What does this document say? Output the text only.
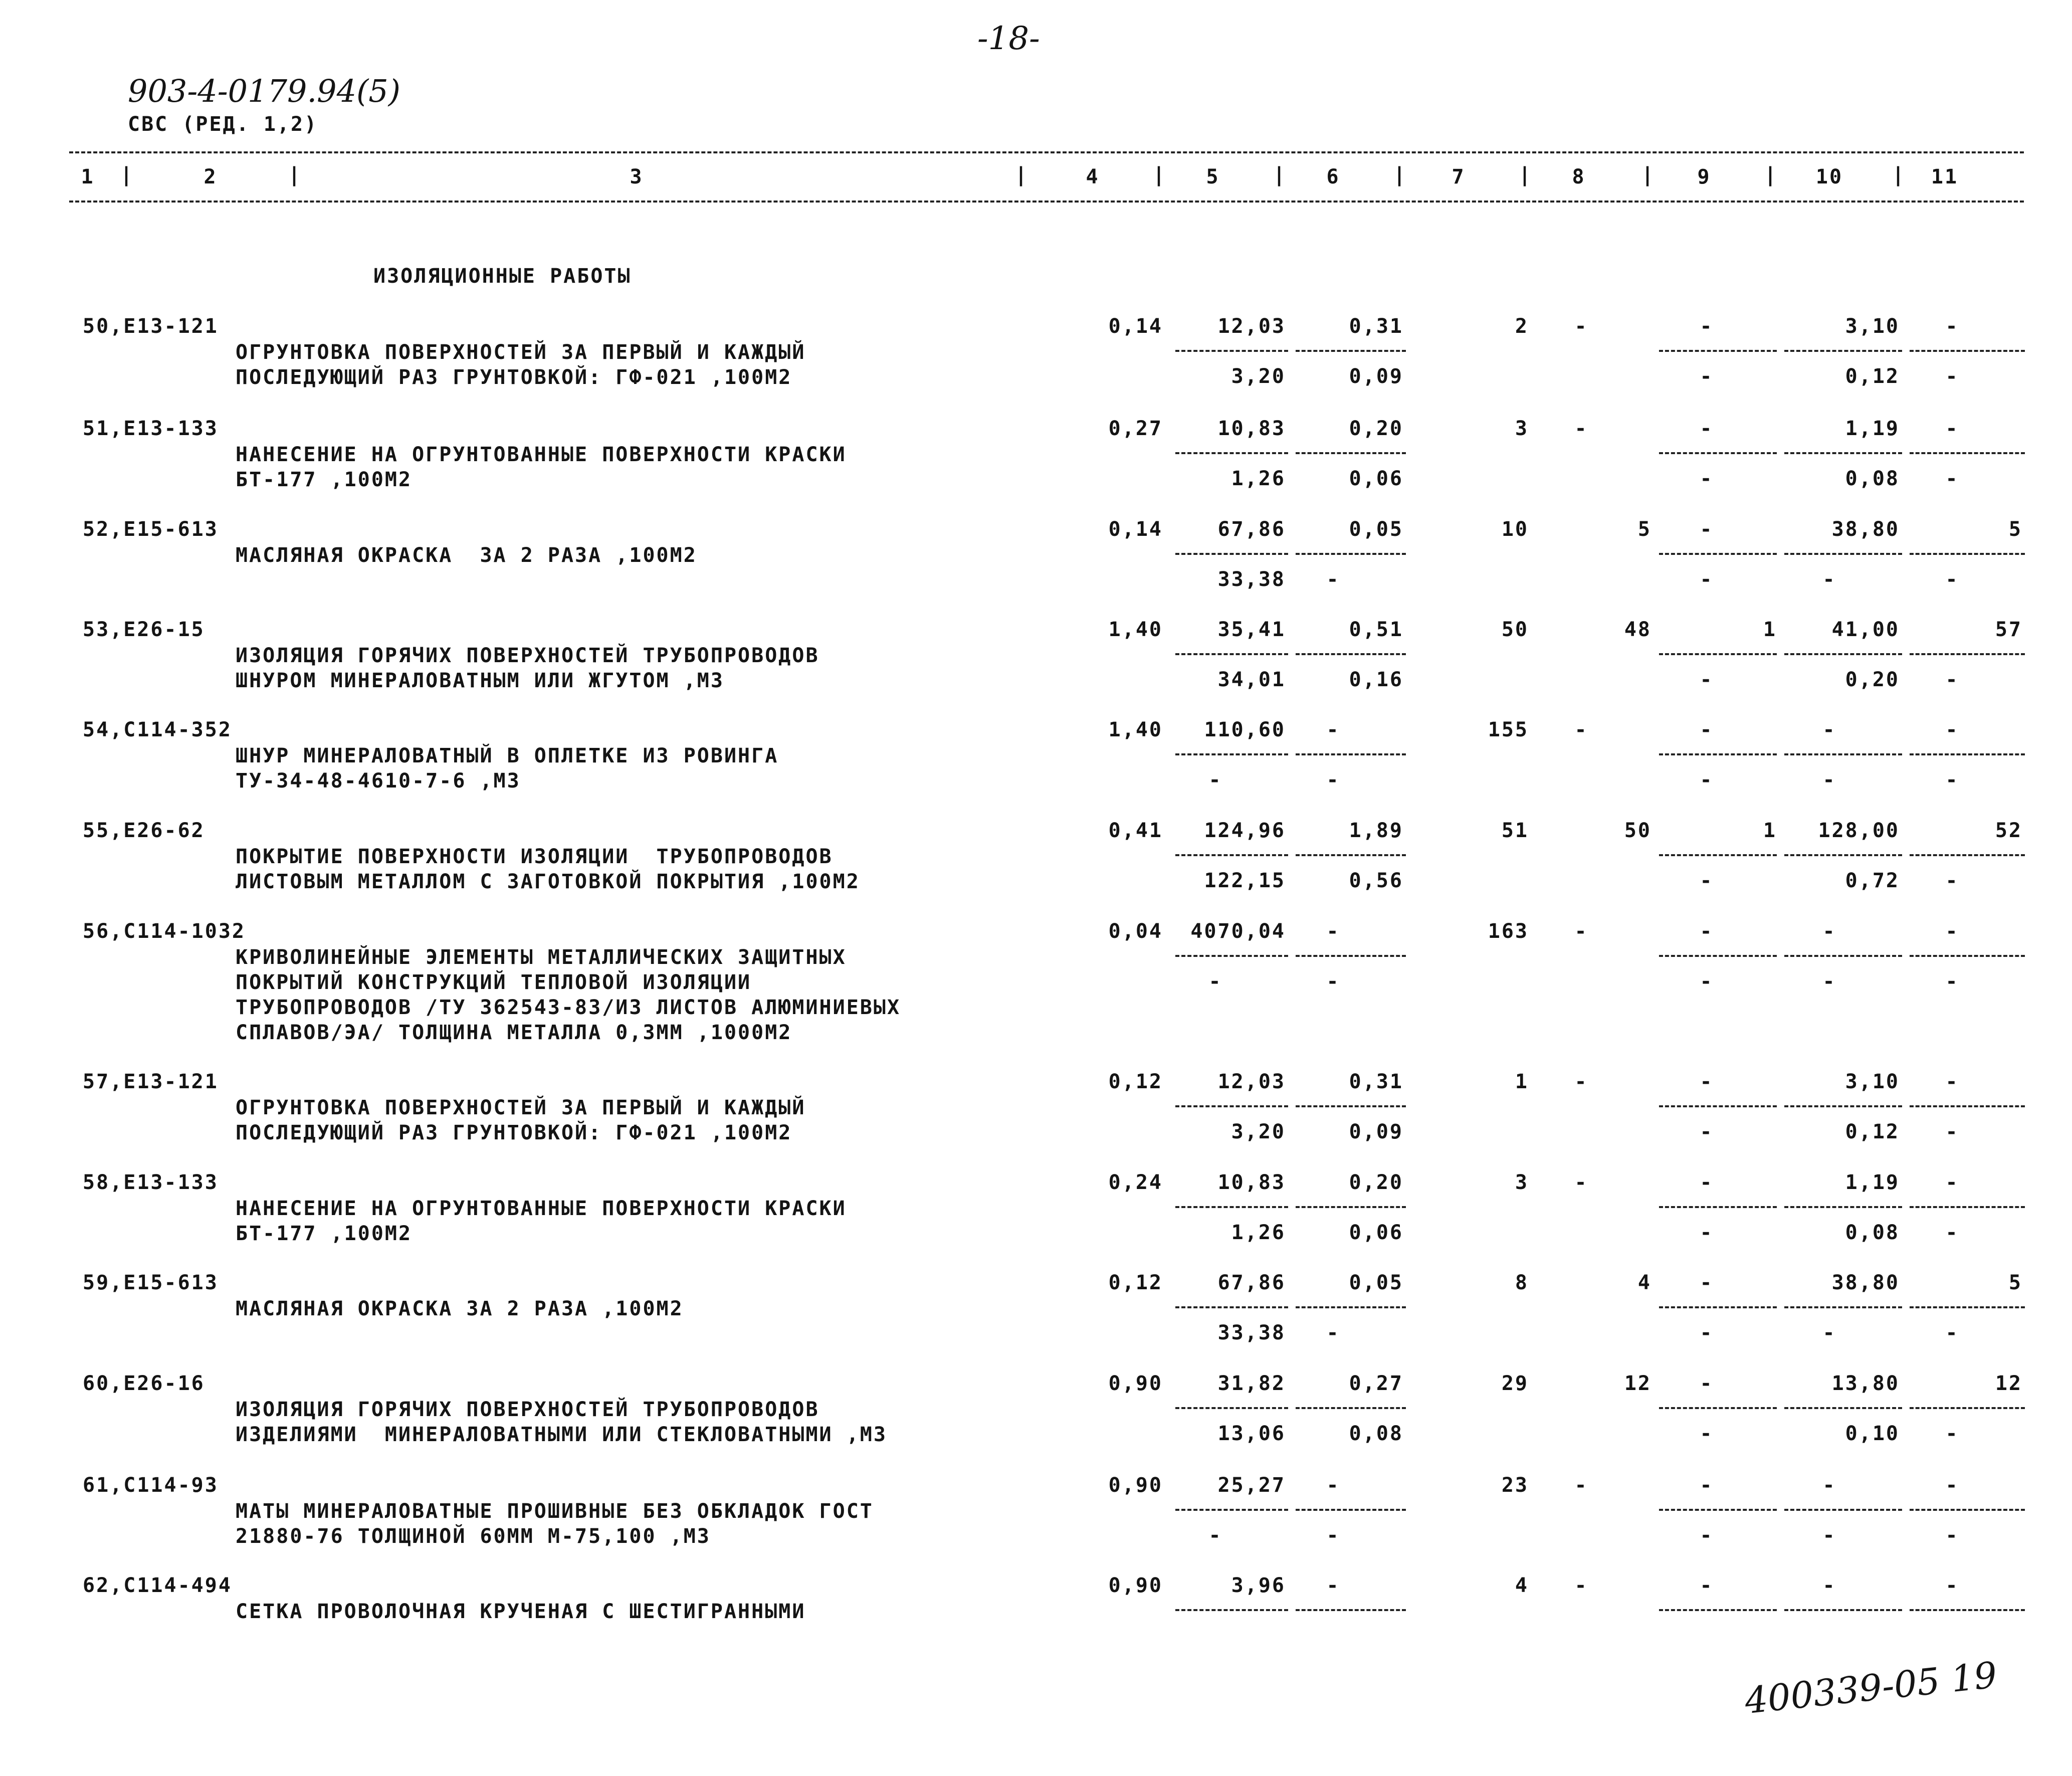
-18-
903-4-0179.94(5)
СВС (РЕД. 1,2)
1	2	3	4	5	6	7	8	9	10	11
|	|	|	|	|	|	|	|	|	|
ИЗОЛЯЦИОННЫЕ РАБОТЫ
50,Е13-121
ОГРУНТОВКА ПОВЕРХНОСТЕЙ ЗА ПЕРВЫЙ И КАЖДЫЙ
ПОСЛЕДУЮЩИЙ РАЗ ГРУНТОВКОЙ: ГФ-021 ,100М2
0,14	12,03	0,31	2	-	-	3,10	-
3,20	0,09	-	0,12	-
51,Е13-133
НАНЕСЕНИЕ НА ОГРУНТОВАННЫЕ ПОВЕРХНОСТИ КРАСКИ
БТ-177 ,100М2
0,27	10,83	0,20	3	-	-	1,19	-
1,26	0,06	-	0,08	-
52,Е15-613
МАСЛЯНАЯ ОКРАСКА  ЗА 2 РАЗА ,100М2
0,14	67,86	0,05	10	5	-	38,80	5
33,38	-	-	-	-
53,Е26-15
ИЗОЛЯЦИЯ ГОРЯЧИХ ПОВЕРХНОСТЕЙ ТРУБОПРОВОДОВ
ШНУРОМ МИНЕРАЛОВАТНЫМ ИЛИ ЖГУТОМ ,М3
1,40	35,41	0,51	50	48	1	41,00	57
34,01	0,16	-	0,20	-
54,С114-352
ШНУР МИНЕРАЛОВАТНЫЙ В ОПЛЕТКЕ ИЗ РОВИНГА
ТУ-34-48-4610-7-6 ,М3
1,40	110,60	-	155	-	-	-	-
-	-	-	-	-
55,Е26-62
ПОКРЫТИЕ ПОВЕРХНОСТИ ИЗОЛЯЦИИ  ТРУБОПРОВОДОВ
ЛИСТОВЫМ МЕТАЛЛОМ С ЗАГОТОВКОЙ ПОКРЫТИЯ ,100М2
0,41	124,96	1,89	51	50	1	128,00	52
122,15	0,56	-	0,72	-
56,С114-1032
КРИВОЛИНЕЙНЫЕ ЭЛЕМЕНТЫ МЕТАЛЛИЧЕСКИХ ЗАЩИТНЫХ
ПОКРЫТИЙ КОНСТРУКЦИЙ ТЕПЛОВОЙ ИЗОЛЯЦИИ
ТРУБОПРОВОДОВ /ТУ 362543-83/ИЗ ЛИСТОВ АЛЮМИНИЕВЫХ
СПЛАВОВ/ЭА/ ТОЛЩИНА МЕТАЛЛА 0,3ММ ,1000М2
0,04	4070,04	-	163	-	-	-	-
-	-	-	-	-
57,Е13-121
ОГРУНТОВКА ПОВЕРХНОСТЕЙ ЗА ПЕРВЫЙ И КАЖДЫЙ
ПОСЛЕДУЮЩИЙ РАЗ ГРУНТОВКОЙ: ГФ-021 ,100М2
0,12	12,03	0,31	1	-	-	3,10	-
3,20	0,09	-	0,12	-
58,Е13-133
НАНЕСЕНИЕ НА ОГРУНТОВАННЫЕ ПОВЕРХНОСТИ КРАСКИ
БТ-177 ,100М2
0,24	10,83	0,20	3	-	-	1,19	-
1,26	0,06	-	0,08	-
59,Е15-613
МАСЛЯНАЯ ОКРАСКА ЗА 2 РАЗА ,100М2
0,12	67,86	0,05	8	4	-	38,80	5
33,38	-	-	-	-
60,Е26-16
ИЗОЛЯЦИЯ ГОРЯЧИХ ПОВЕРХНОСТЕЙ ТРУБОПРОВОДОВ
ИЗДЕЛИЯМИ  МИНЕРАЛОВАТНЫМИ ИЛИ СТЕКЛОВАТНЫМИ ,М3
0,90	31,82	0,27	29	12	-	13,80	12
13,06	0,08	-	0,10	-
61,С114-93
МАТЫ МИНЕРАЛОВАТНЫЕ ПРОШИВНЫЕ БЕЗ ОБКЛАДОК ГОСТ
21880-76 ТОЛЩИНОЙ 60ММ М-75,100 ,М3
0,90	25,27	-	23	-	-	-	-
-	-	-	-	-
62,С114-494
СЕТКА ПРОВОЛОЧНАЯ КРУЧЕНАЯ С ШЕСТИГРАННЫМИ
0,90	3,96	-	4	-	-	-	-
400339-05 19
